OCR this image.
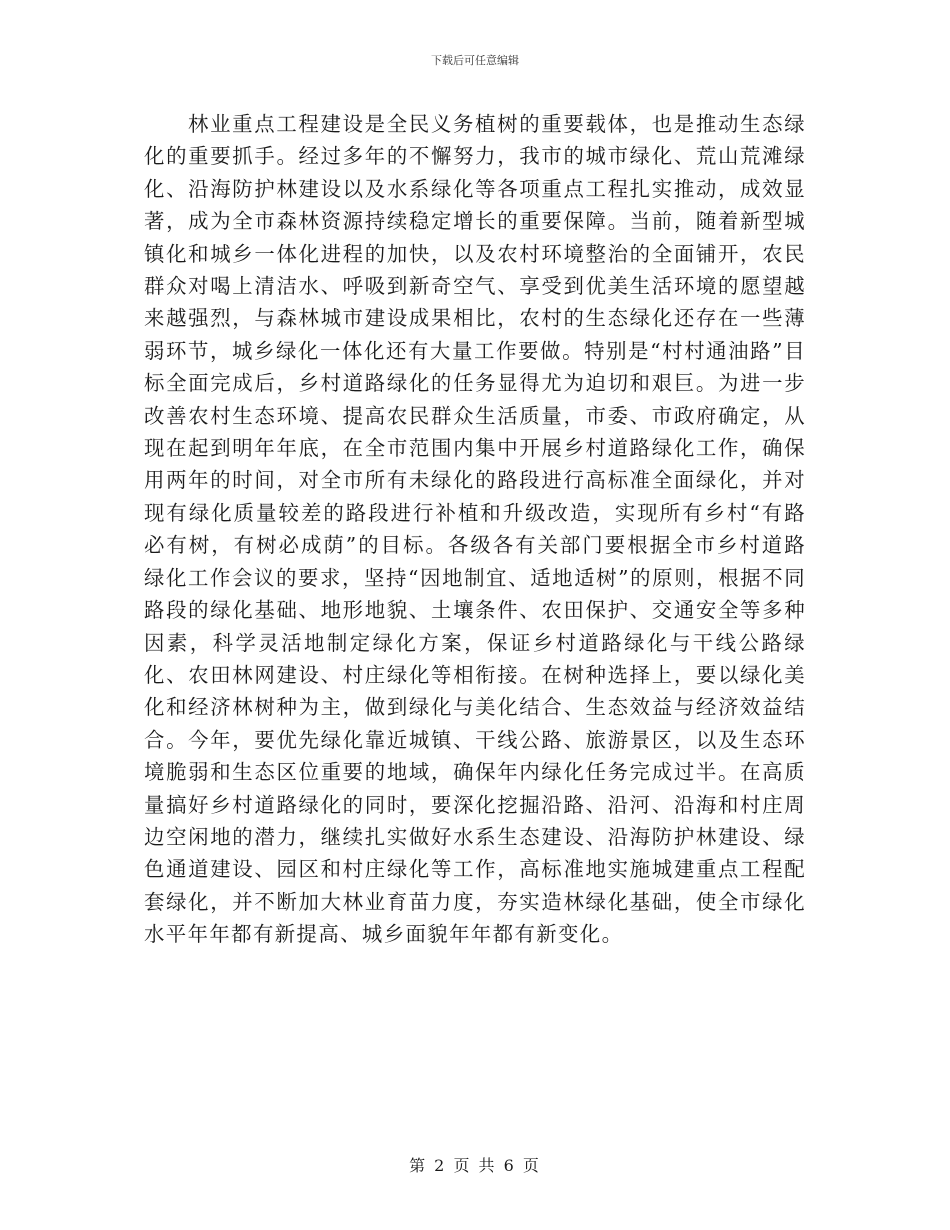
下载后可任意编辑

林业重点工程建设是全民义务植树的重要载体，也是推动生态绿化的重要抓手。经过多年的不懈努力，我市的城市绿化、荒山荒滩绿化、沿海防护林建设以及水系绿化等各项重点工程扎实推动，成效显著，成为全市森林资源持续稳定增长的重要保障。当前，随着新型城镇化和城乡一体化进程的加快，以及农村环境整治的全面铺开，农民群众对喝上清洁水、呼吸到新奇空气、享受到优美生活环境的愿望越来越强烈，与森林城市建设成果相比，农村的生态绿化还存在一些薄弱环节，城乡绿化一体化还有大量工作要做。特别是“村村通油路”目标全面完成后，乡村道路绿化的任务显得尤为迫切和艰巨。为进一步改善农村生态环境、提高农民群众生活质量，市委、市政府确定，从现在起到明年年底，在全市范围内集中开展乡村道路绿化工作，确保用两年的时间，对全市所有未绿化的路段进行高标准全面绿化，并对现有绿化质量较差的路段进行补植和升级改造，实现所有乡村“有路必有树，有树必成荫”的目标。各级各有关部门要根据全市乡村道路绿化工作会议的要求，坚持“因地制宜、适地适树”的原则，根据不同路段的绿化基础、地形地貌、土壤条件、农田保护、交通安全等多种因素，科学灵活地制定绿化方案，保证乡村道路绿化与干线公路绿化、农田林网建设、村庄绿化等相衔接。在树种选择上，要以绿化美化和经济林树种为主，做到绿化与美化结合、生态效益与经济效益结合。今年，要优先绿化靠近城镇、干线公路、旅游景区，以及生态环境脆弱和生态区位重要的地域，确保年内绿化任务完成过半。在高质量搞好乡村道路绿化的同时，要深化挖掘沿路、沿河、沿海和村庄周边空闲地的潜力，继续扎实做好水系生态建设、沿海防护林建设、绿色通道建设、园区和村庄绿化等工作，高标准地实施城建重点工程配套绿化，并不断加大林业育苗力度，夯实造林绿化基础，使全市绿化水平年年都有新提高、城乡面貌年年都有新变化。

第 2 页 共 6 页
